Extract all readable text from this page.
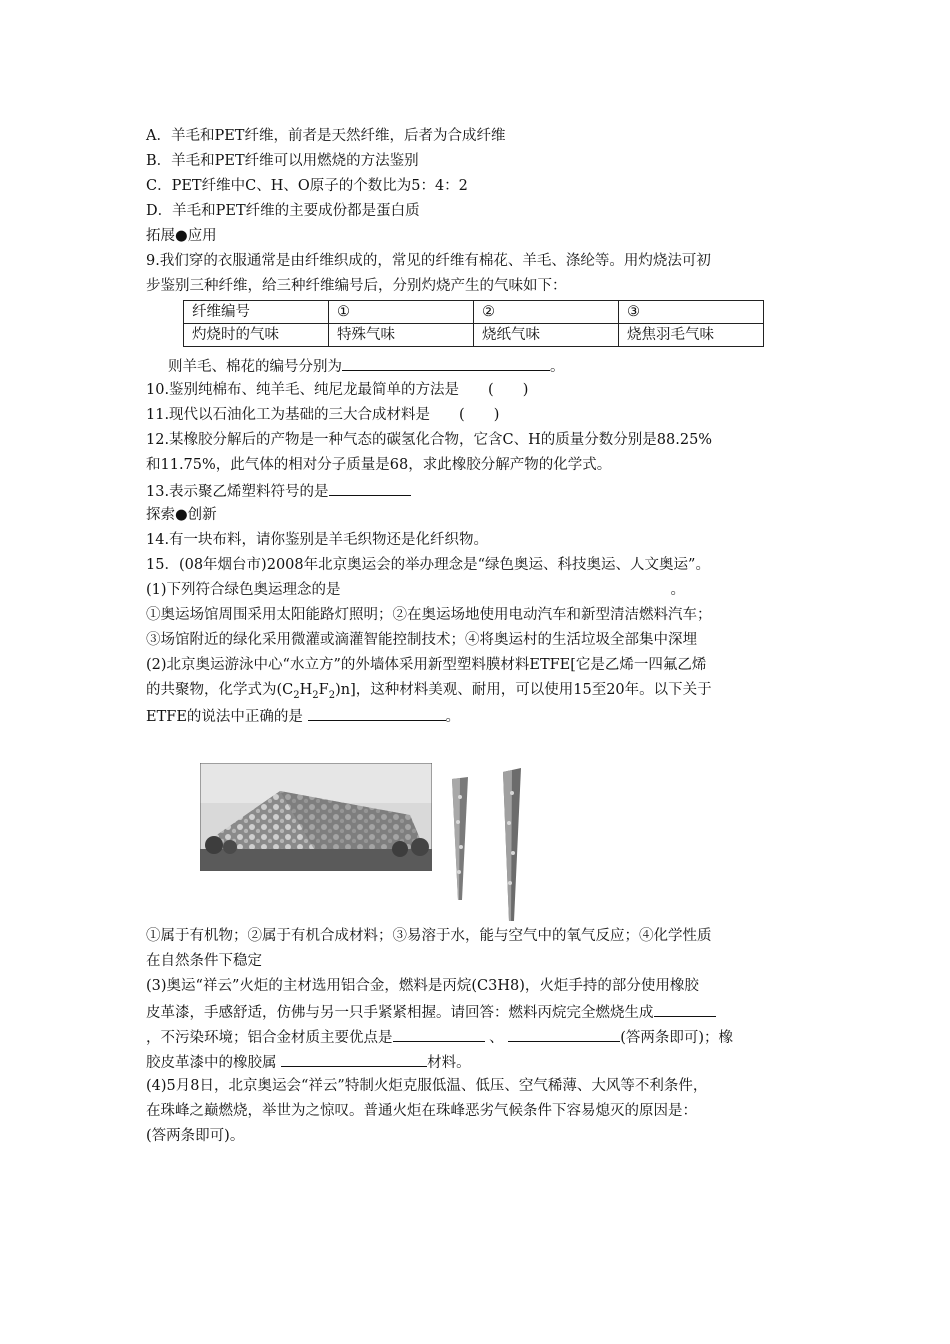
A．羊毛和PET纤维，前者是天然纤维，后者为合成纤维
B．羊毛和PET纤维可以用燃烧的方法鉴别
C．PET纤维中C、H、O原子的个数比为5：4：2
D．羊毛和PET纤维的主要成份都是蛋白质
拓展●应用
9.我们穿的衣服通常是由纤维织成的，常见的纤维有棉花、羊毛、涤纶等。用灼烧法可初
步鉴别三种纤维，给三种纤维编号后，分别灼烧产生的气味如下：
纤维编号	①	②	③
灼烧时的气味	特殊气味	烧纸气味	烧焦羽毛气味
则羊毛、棉花的编号分别为	。
10.鉴别纯棉布、纯羊毛、纯尼龙最简单的方法是　　(　　)
11.现代以石油化工为基础的三大合成材料是　　(　　)
12.某橡胶分解后的产物是一种气态的碳氢化合物，它含C、H的质量分数分别是88.25%
和11.75%，此气体的相对分子质量是68，求此橡胶分解产物的化学式。
13.表示聚乙烯塑料符号的是
探索●创新
14.有一块布料，请你鉴别是羊毛织物还是化纤织物。
15．(08年烟台市)2008年北京奥运会的举办理念是“绿色奥运、科技奥运、人文奥运”。
(1)下列符合绿色奥运理念的是	。
①奥运场馆周围采用太阳能路灯照明；②在奥运场地使用电动汽车和新型清洁燃料汽车；
③场馆附近的绿化采用微灌或滴灌智能控制技术；④将奥运村的生活垃圾全部集中深埋
(2)北京奥运游泳中心“水立方”的外墙体采用新型塑料膜材料ETFE[它是乙烯一四氟乙烯
的共聚物，化学式为$(C_2H_2F_2)n$]，这种材料美观、耐用，可以使用15至20年。以下关于
ETFE的说法中正确的是	。
①属于有机物；②属于有机合成材料；③易溶于水，能与空气中的氧气反应；④化学性质
在自然条件下稳定
(3)奥运“祥云”火炬的主材选用铝合金，燃料是丙烷(C3H8)，火炬手持的部分使用橡胶
皮革漆，手感舒适，仿佛与另一只手紧紧相握。请回答：燃料丙烷完全燃烧生成
，不污染环境；铝合金材质主要优点是	、	(答两条即可)；橡
胶皮革漆中的橡胶属	材料。
(4)5月8日，北京奥运会“祥云”特制火炬克服低温、低压、空气稀薄、大风等不利条件，
在珠峰之巅燃烧，举世为之惊叹。普通火炬在珠峰恶劣气候条件下容易熄灭的原因是：
(答两条即可)。
